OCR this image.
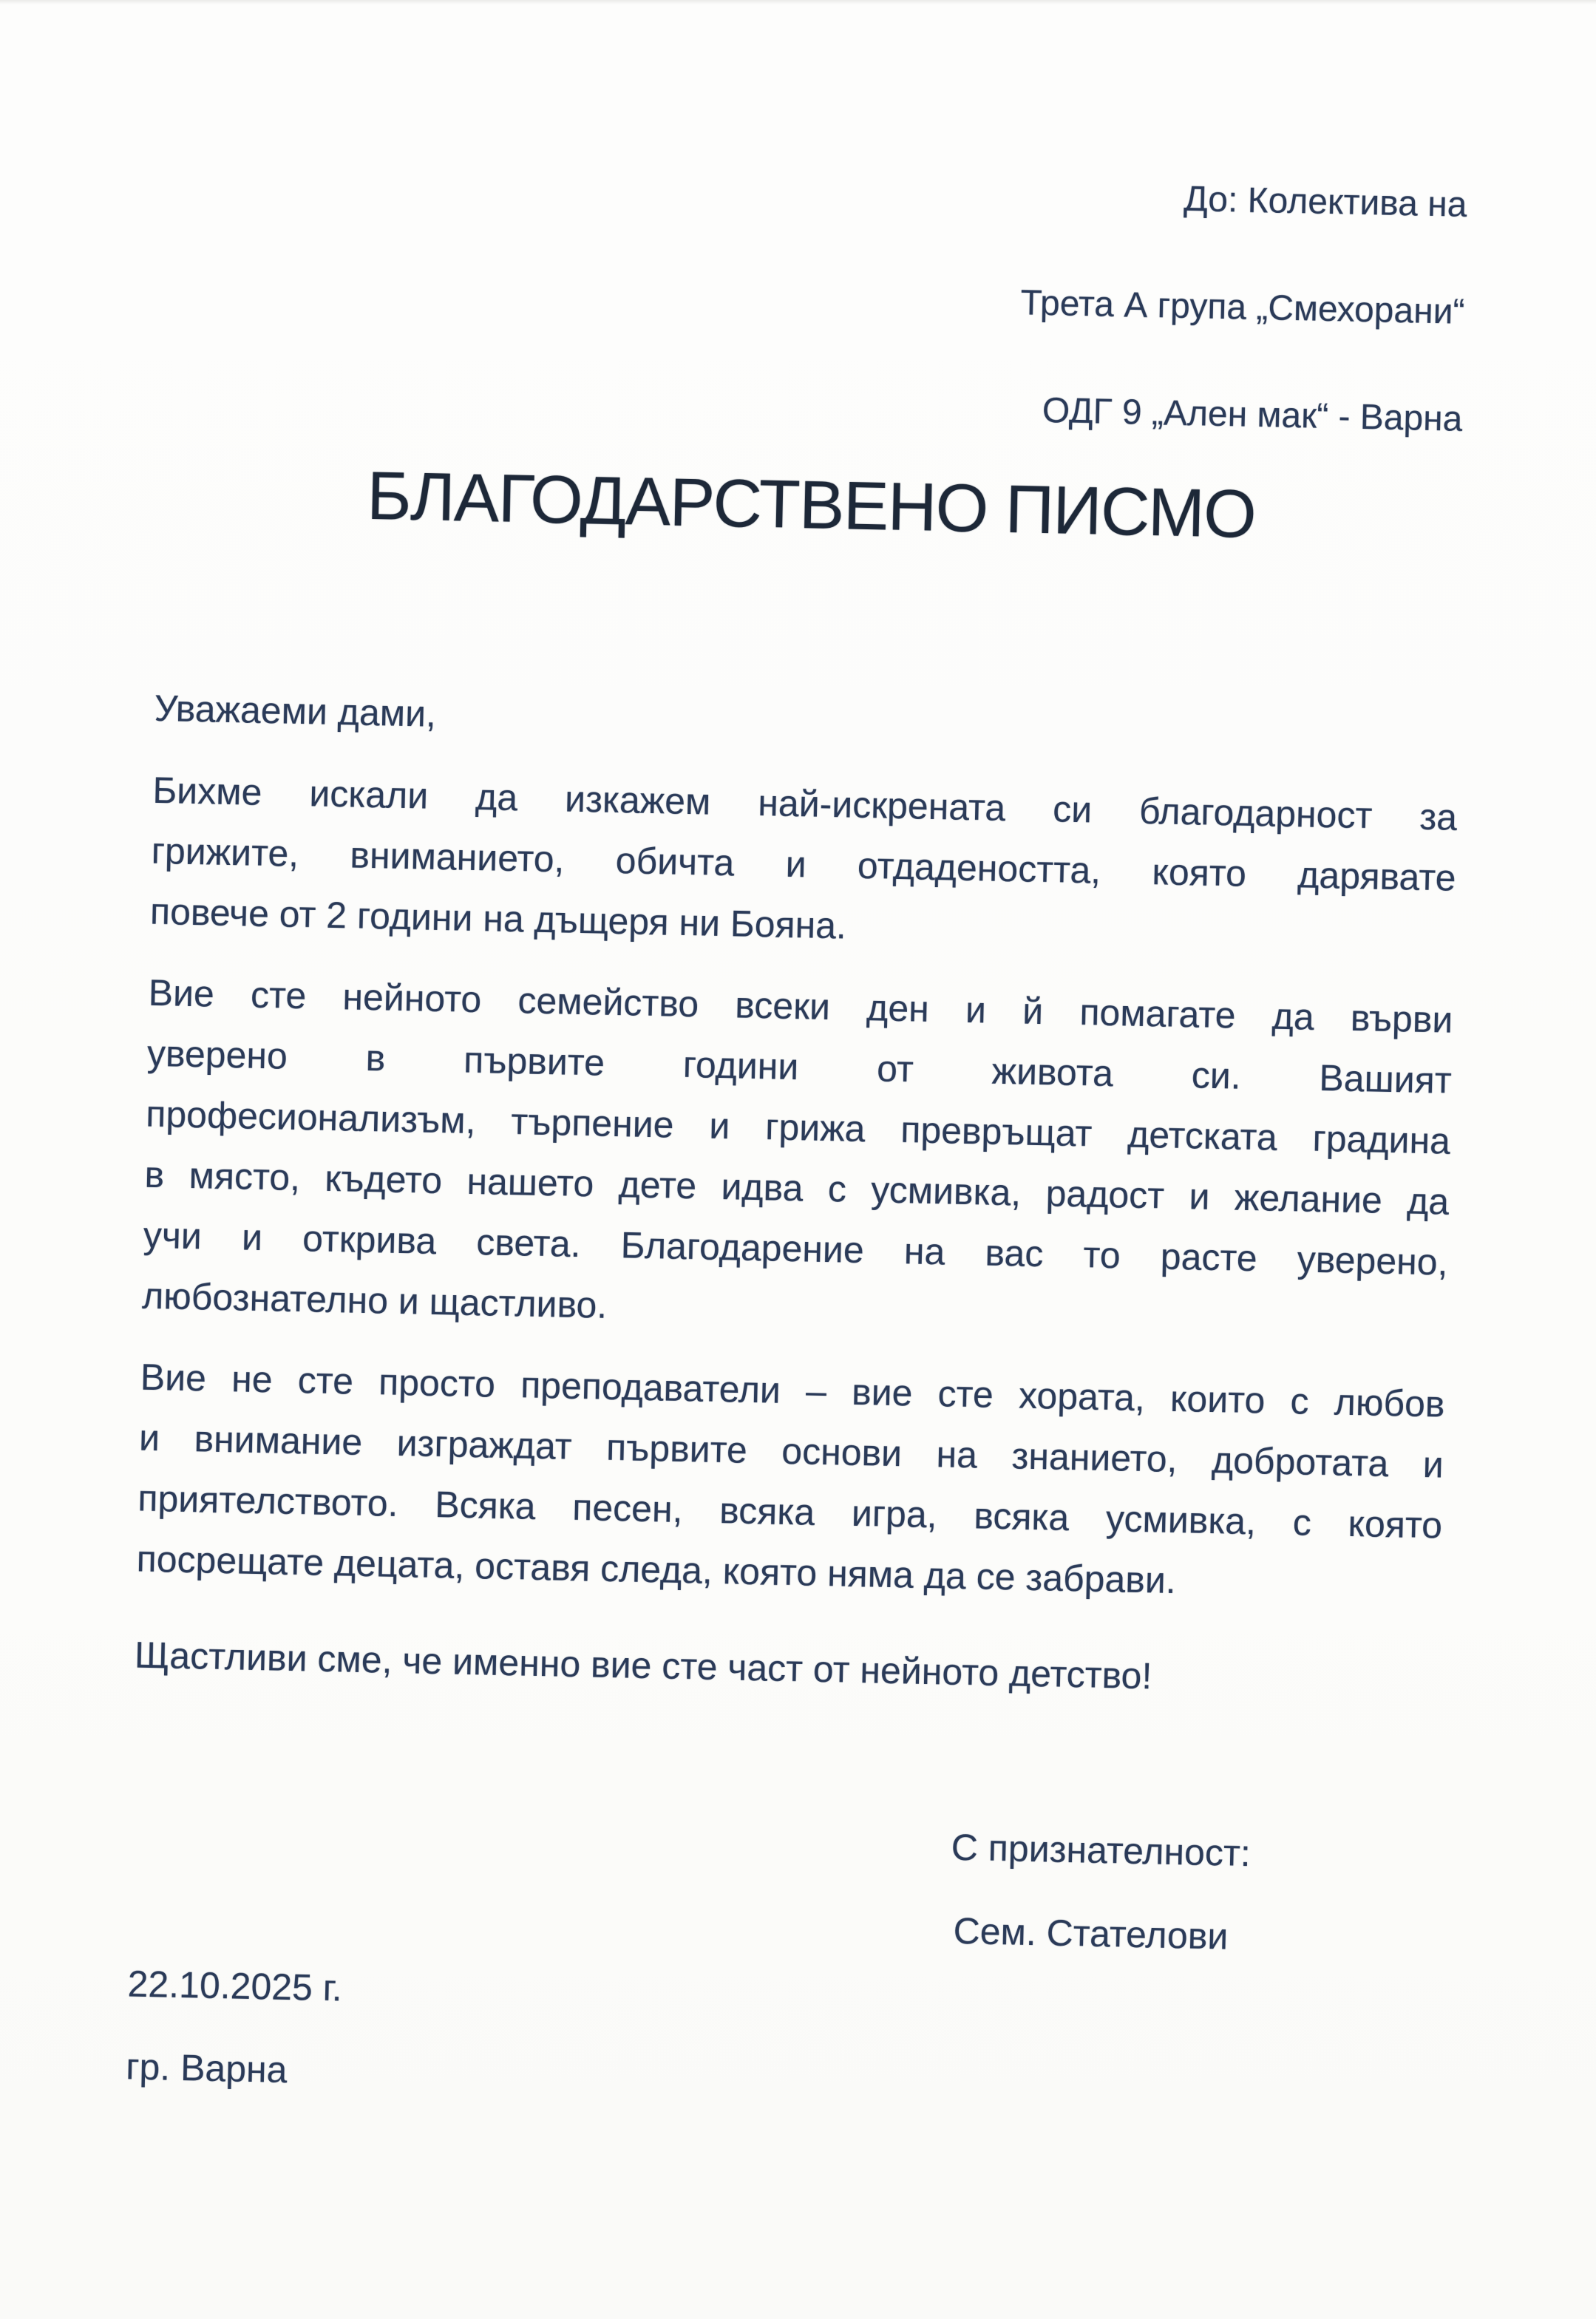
До: Колектива на
Трета А група „Смехорани“
ОДГ 9 „Ален мак“ - Варна
БЛАГОДАРСТВЕНО ПИСМО
Уважаеми дами,
Бихме искали да изкажем най-искрената си благодарност за
грижите, вниманието, обичта и отдадеността, която дарявате
повече от 2 години на дъщеря ни Бояна.
Вие сте нейното семейство всеки ден и й помагате да върви
уверено в първите години от живота си. Вашият
професионализъм, търпение и грижа превръщат детската градина
в място, където нашето дете идва с усмивка, радост и желание да
учи и открива света. Благодарение на вас то расте уверено,
любознателно и щастливо.
Вие не сте просто преподаватели – вие сте хората, които с любов
и внимание изграждат първите основи на знанието, добротата и
приятелството. Всяка песен, всяка игра, всяка усмивка, с която
посрещате децата, оставя следа, която няма да се забрави.
Щастливи сме, че именно вие сте част от нейното детство!
С признателност:
Сем. Стателови
22.10.2025 г.
гр. Варна
